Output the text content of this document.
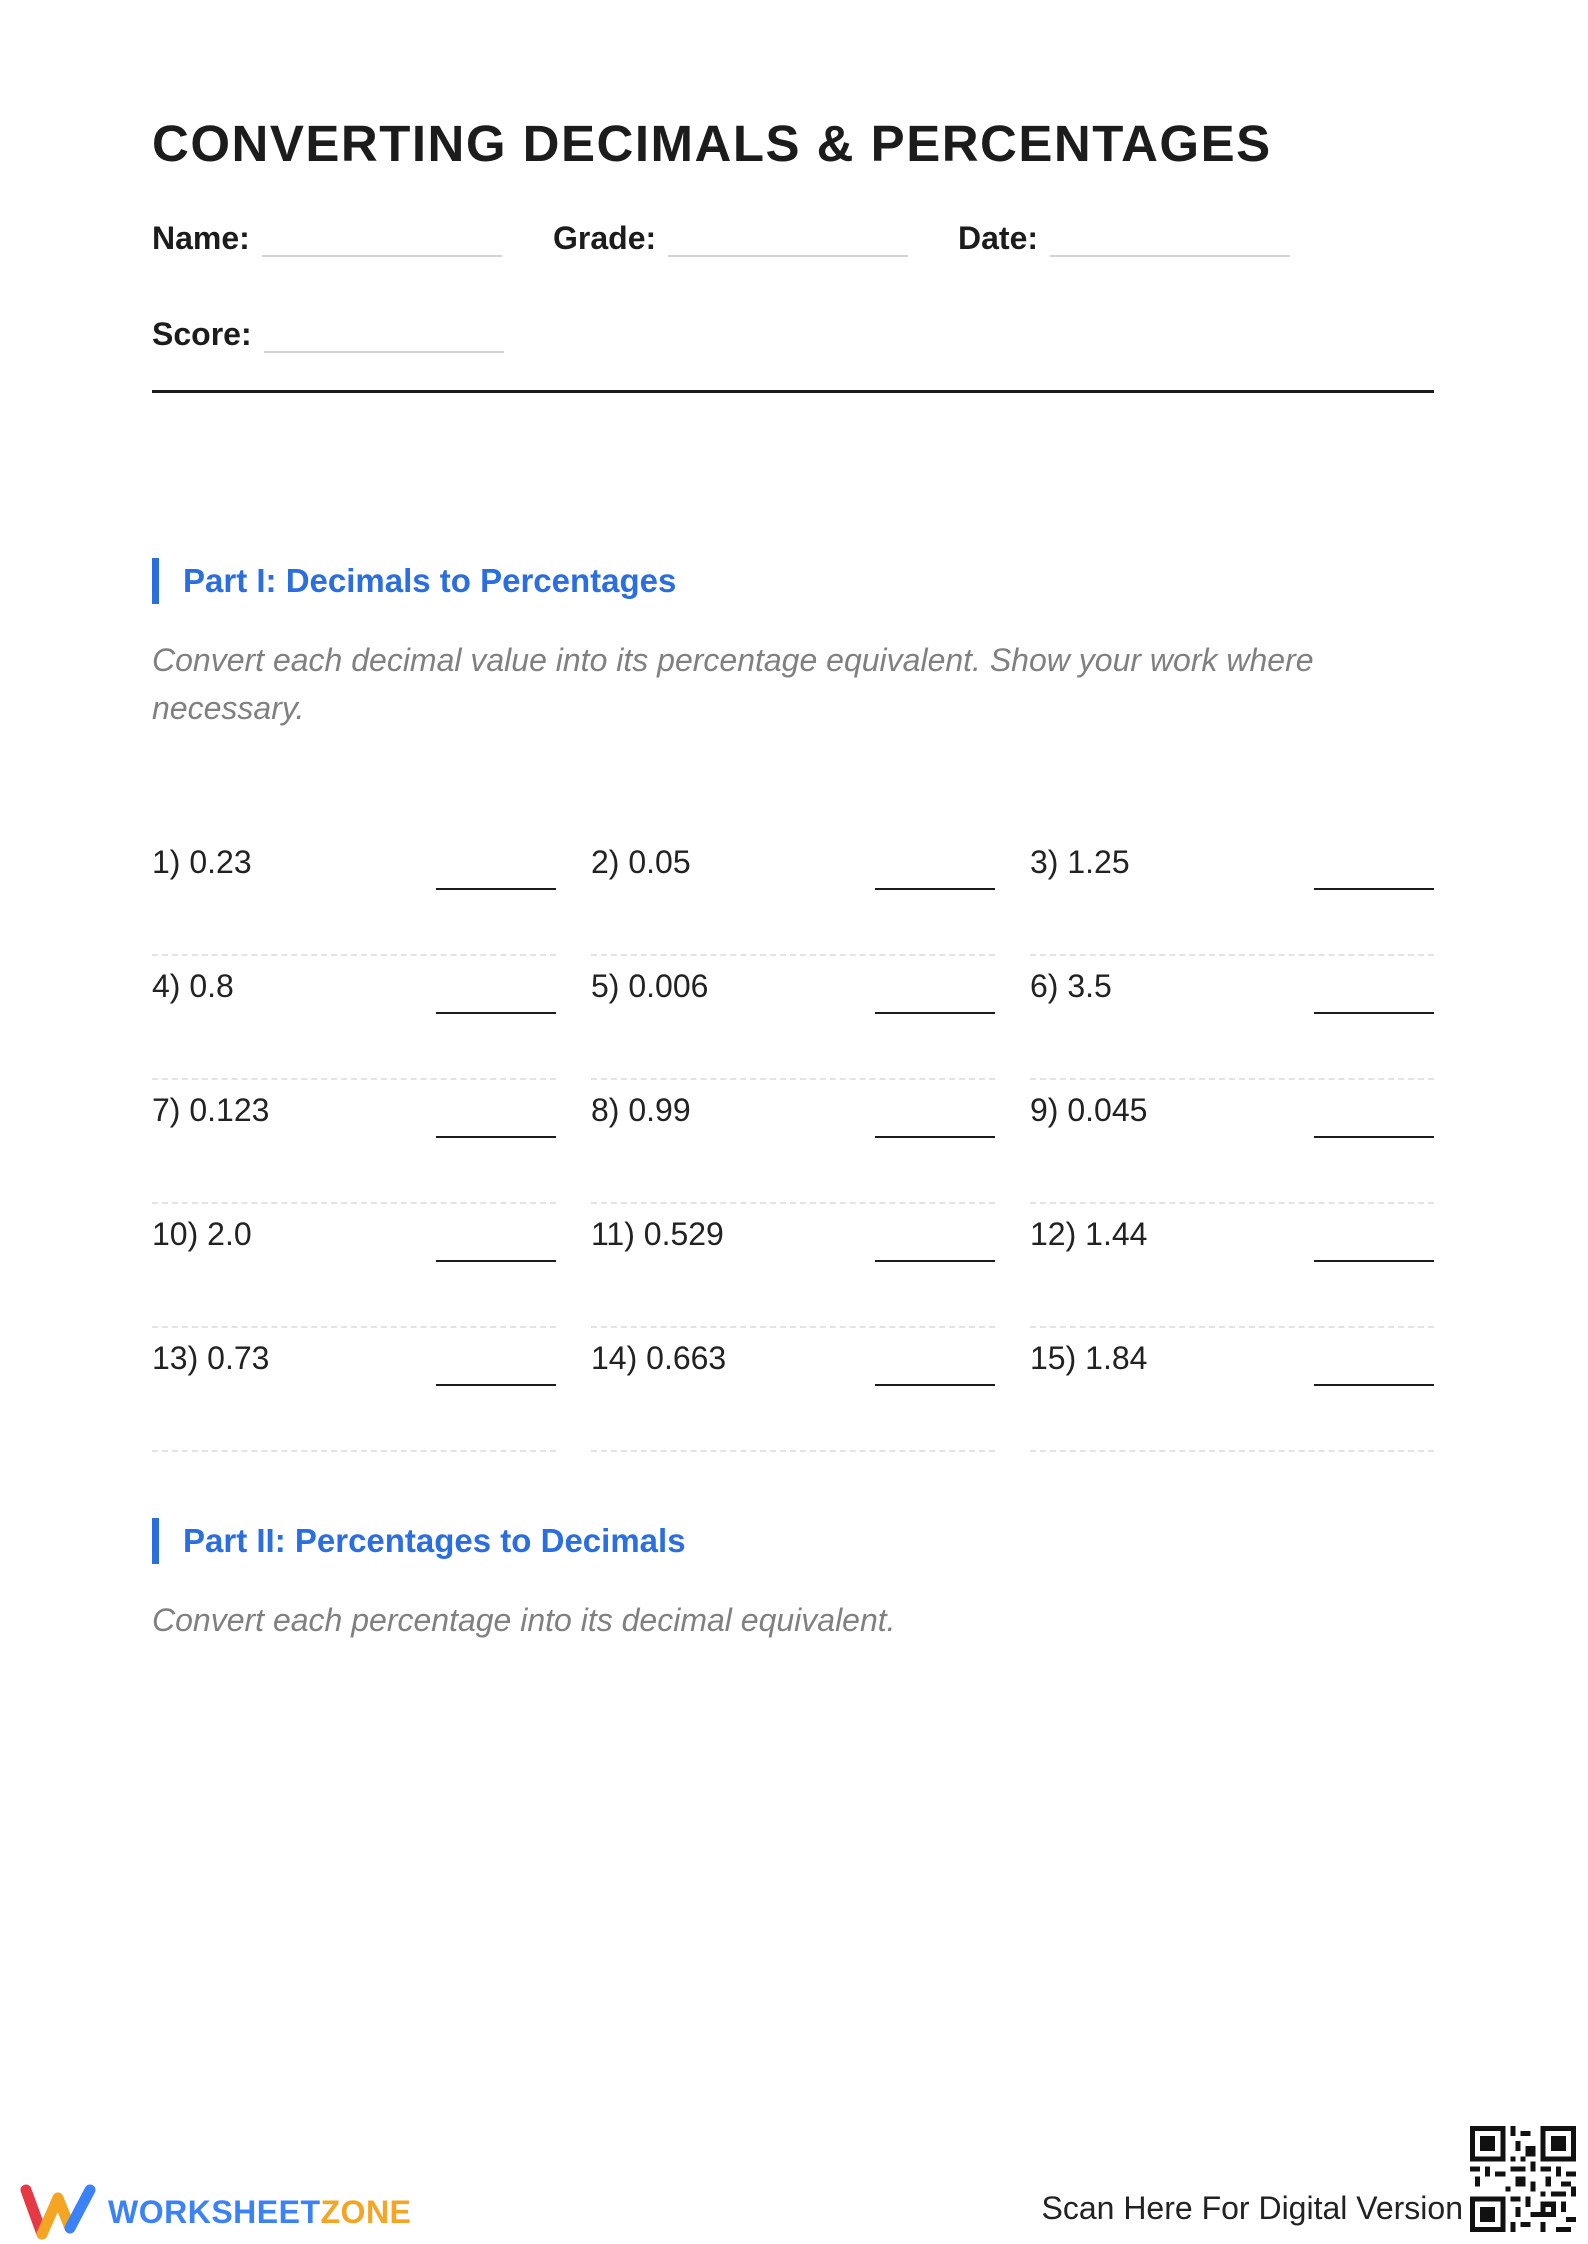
CONVERTING DECIMALS & PERCENTAGES
Name:	Grade:	Date:
Score:
Part I: Decimals to Percentages

Convert each decimal value into its percentage equivalent. Show your work where necessary.

1) 0.23	2) 0.05	3) 1.25
4) 0.8	5) 0.006	6) 3.5
7) 0.123	8) 0.99	9) 0.045
10) 2.0	11) 0.529	12) 1.44
13) 0.73	14) 0.663	15) 1.84
Part II: Percentages to Decimals

Convert each percentage into its decimal equivalent.

WORKSHEETZONE	Scan Here For Digital Version
